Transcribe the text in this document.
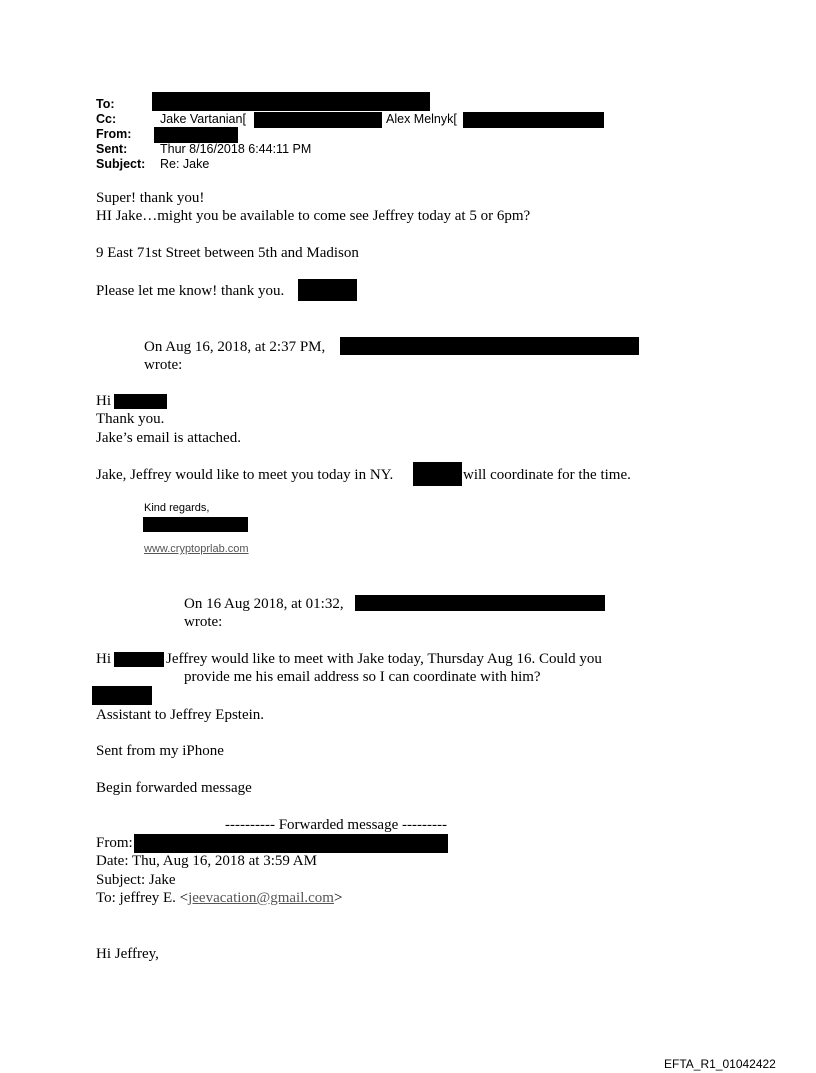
To:
Cc:	Jake Vartanian[	Alex Melnyk[
From:
Sent:	Thur 8/16/2018 6:44:11 PM
Subject: Re: Jake
Super! thank you!
HI Jake…might you be available to come see Jeffrey today at 5 or 6pm?
9 East 71st Street between 5th and Madison
Please let me know! thank you.
On Aug 16, 2018, at 2:37 PM,
wrote:
Hi
Thank you.
Jake’s email is attached.
Jake, Jeffrey would like to meet you today in NY.	will coordinate for the time.
Kind regards,
www.cryptoprlab.com
On 16 Aug 2018, at 01:32,
wrote:
Hi	Jeffrey would like to meet with Jake today, Thursday Aug 16. Could you
provide me his email address so I can coordinate with him?
Assistant to Jeffrey Epstein.
Sent from my iPhone
Begin forwarded message
---------- Forwarded message ---------
From:
Date: Thu, Aug 16, 2018 at 3:59 AM
Subject: Jake
To: jeffrey E. <jeevacation@gmail.com>
Hi Jeffrey,
EFTA_R1_01042422
